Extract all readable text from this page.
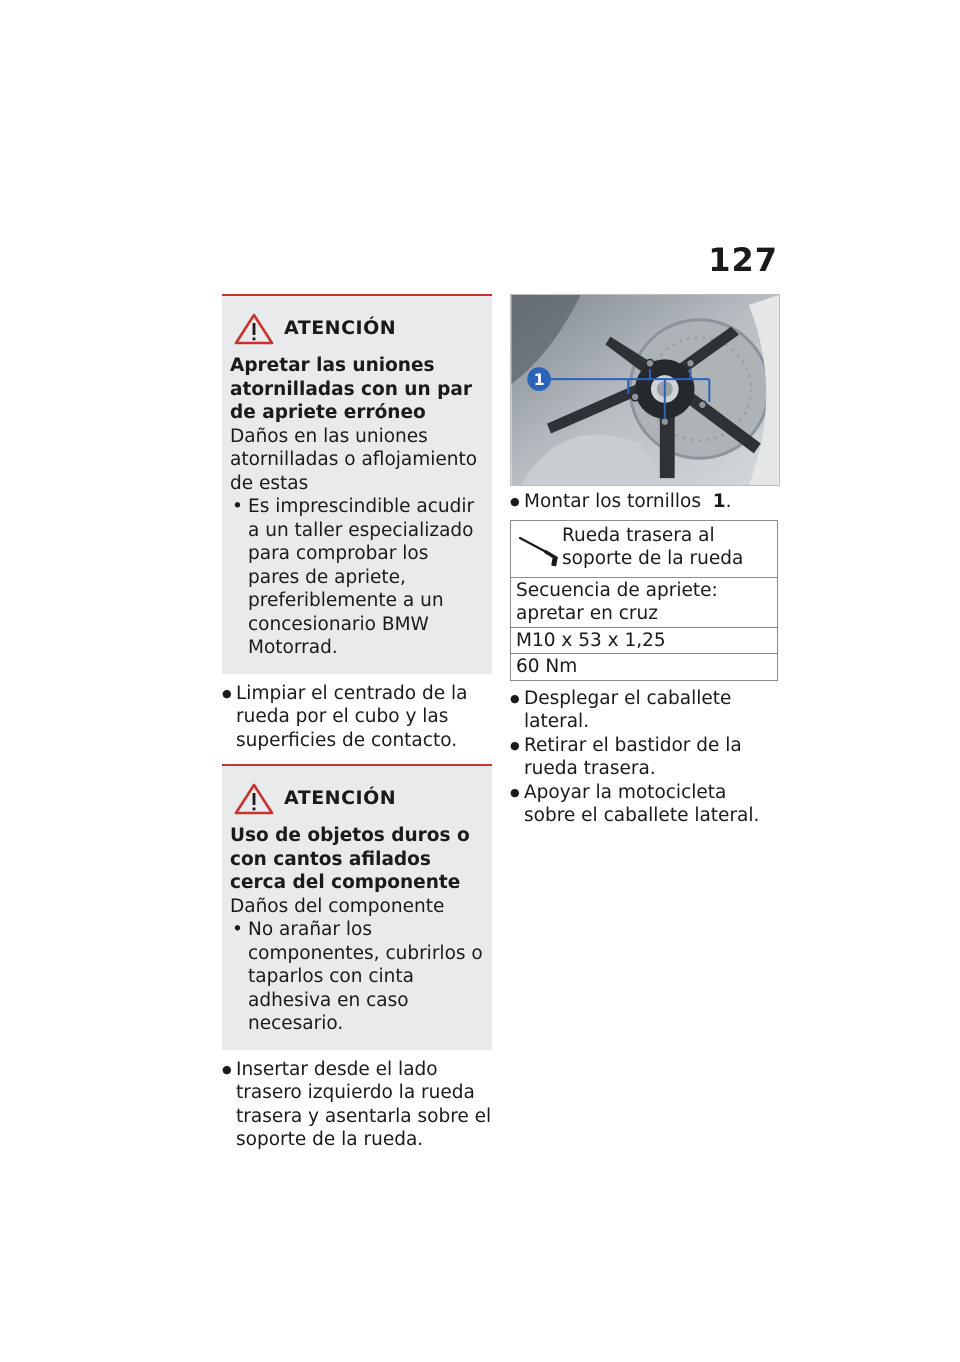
127
ATENCIÓN

Apretar las uniones atornilladas con un par de apriete erróneo

Daños en las uniones atornilladas o aflojamiento de estas

• Es imprescindible acudir a un taller especializado para comprobar los pares de apriete, preferiblemente a un concesionario BMW Motorrad.
● Limpiar el centrado de la rueda por el cubo y las superficies de contacto.
ATENCIÓN

Uso de objetos duros o con cantos afilados cerca del componente

Daños del componente

• No arañar los componentes, cubrirlos o taparlos con cinta adhesiva en caso necesario.
● Insertar desde el lado trasero izquierdo la rueda trasera y asentarla sobre el soporte de la rueda.
1
● Montar los tornillos 1.
Rueda trasera al soporte de la rueda

Secuencia de apriete: apretar en cruz
M10 x 53 x 1,25
60 Nm
● Desplegar el caballete lateral.
● Retirar el bastidor de la rueda trasera.
● Apoyar la motocicleta sobre el caballete lateral.
